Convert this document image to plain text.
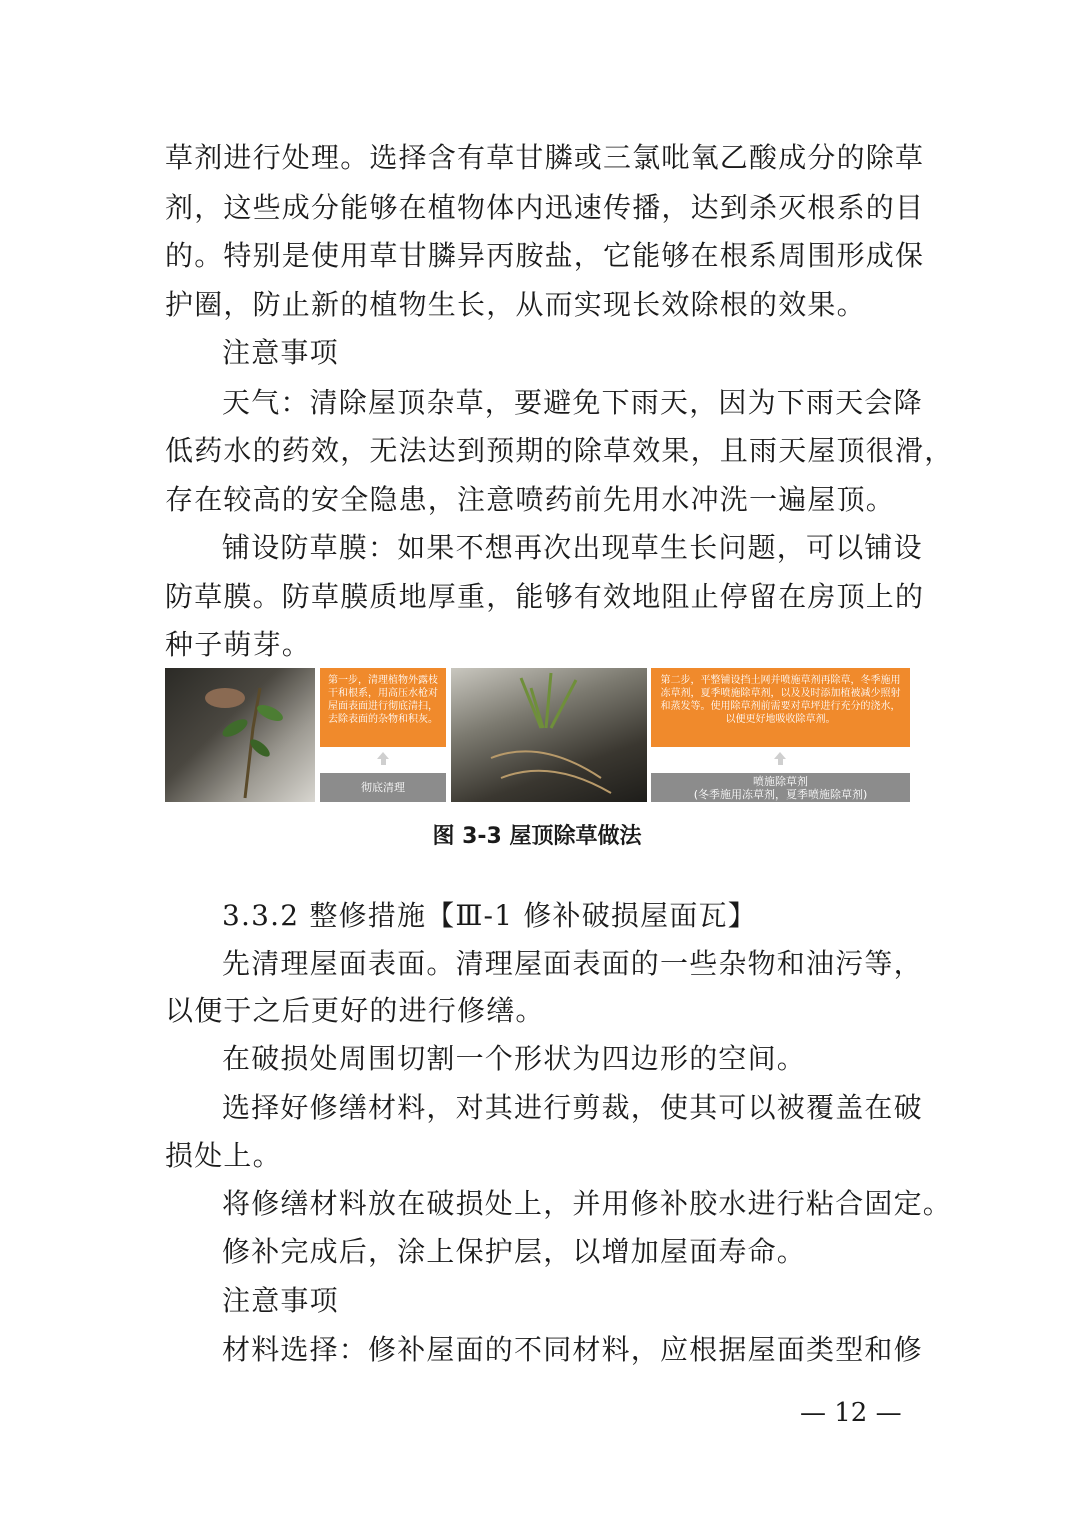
草剂进行处理。选择含有草甘膦或三氯吡氧乙酸成分的除草
剂，这些成分能够在植物体内迅速传播，达到杀灭根系的目
的。特别是使用草甘膦异丙胺盐，它能够在根系周围形成保
护圈，防止新的植物生长，从而实现长效除根的效果。
注意事项
天气：清除屋顶杂草，要避免下雨天，因为下雨天会降
低药水的药效，无法达到预期的除草效果，且雨天屋顶很滑，
存在较高的安全隐患，注意喷药前先用水冲洗一遍屋顶。
铺设防草膜：如果不想再次出现草生长问题，可以铺设
防草膜。防草膜质地厚重，能够有效地阻止停留在房顶上的
种子萌芽。
第一步，清理植物外露枝干和根系，用高压水枪对屋面表面进行彻底清扫，去除表面的杂物和积灰。
彻底清理
第二步，平整铺设挡土网并喷施草剂再除草，冬季施用冻草剂，夏季喷施除草剂，以及及时添加植被减少照射和蒸发等。使用除草剂前需要对草坪进行充分的浇水，以便更好地吸收除草剂。
喷施除草剂
(冬季施用冻草剂，夏季喷施除草剂)
图 3-3 屋顶除草做法
3.3.2 整修措施【Ⅲ-1 修补破损屋面瓦】
先清理屋面表面。清理屋面表面的一些杂物和油污等，
以便于之后更好的进行修缮。
在破损处周围切割一个形状为四边形的空间。
选择好修缮材料，对其进行剪裁，使其可以被覆盖在破
损处上。
将修缮材料放在破损处上，并用修补胶水进行粘合固定。
修补完成后，涂上保护层，以增加屋面寿命。
注意事项
材料选择：修补屋面的不同材料，应根据屋面类型和修
— 12 —
